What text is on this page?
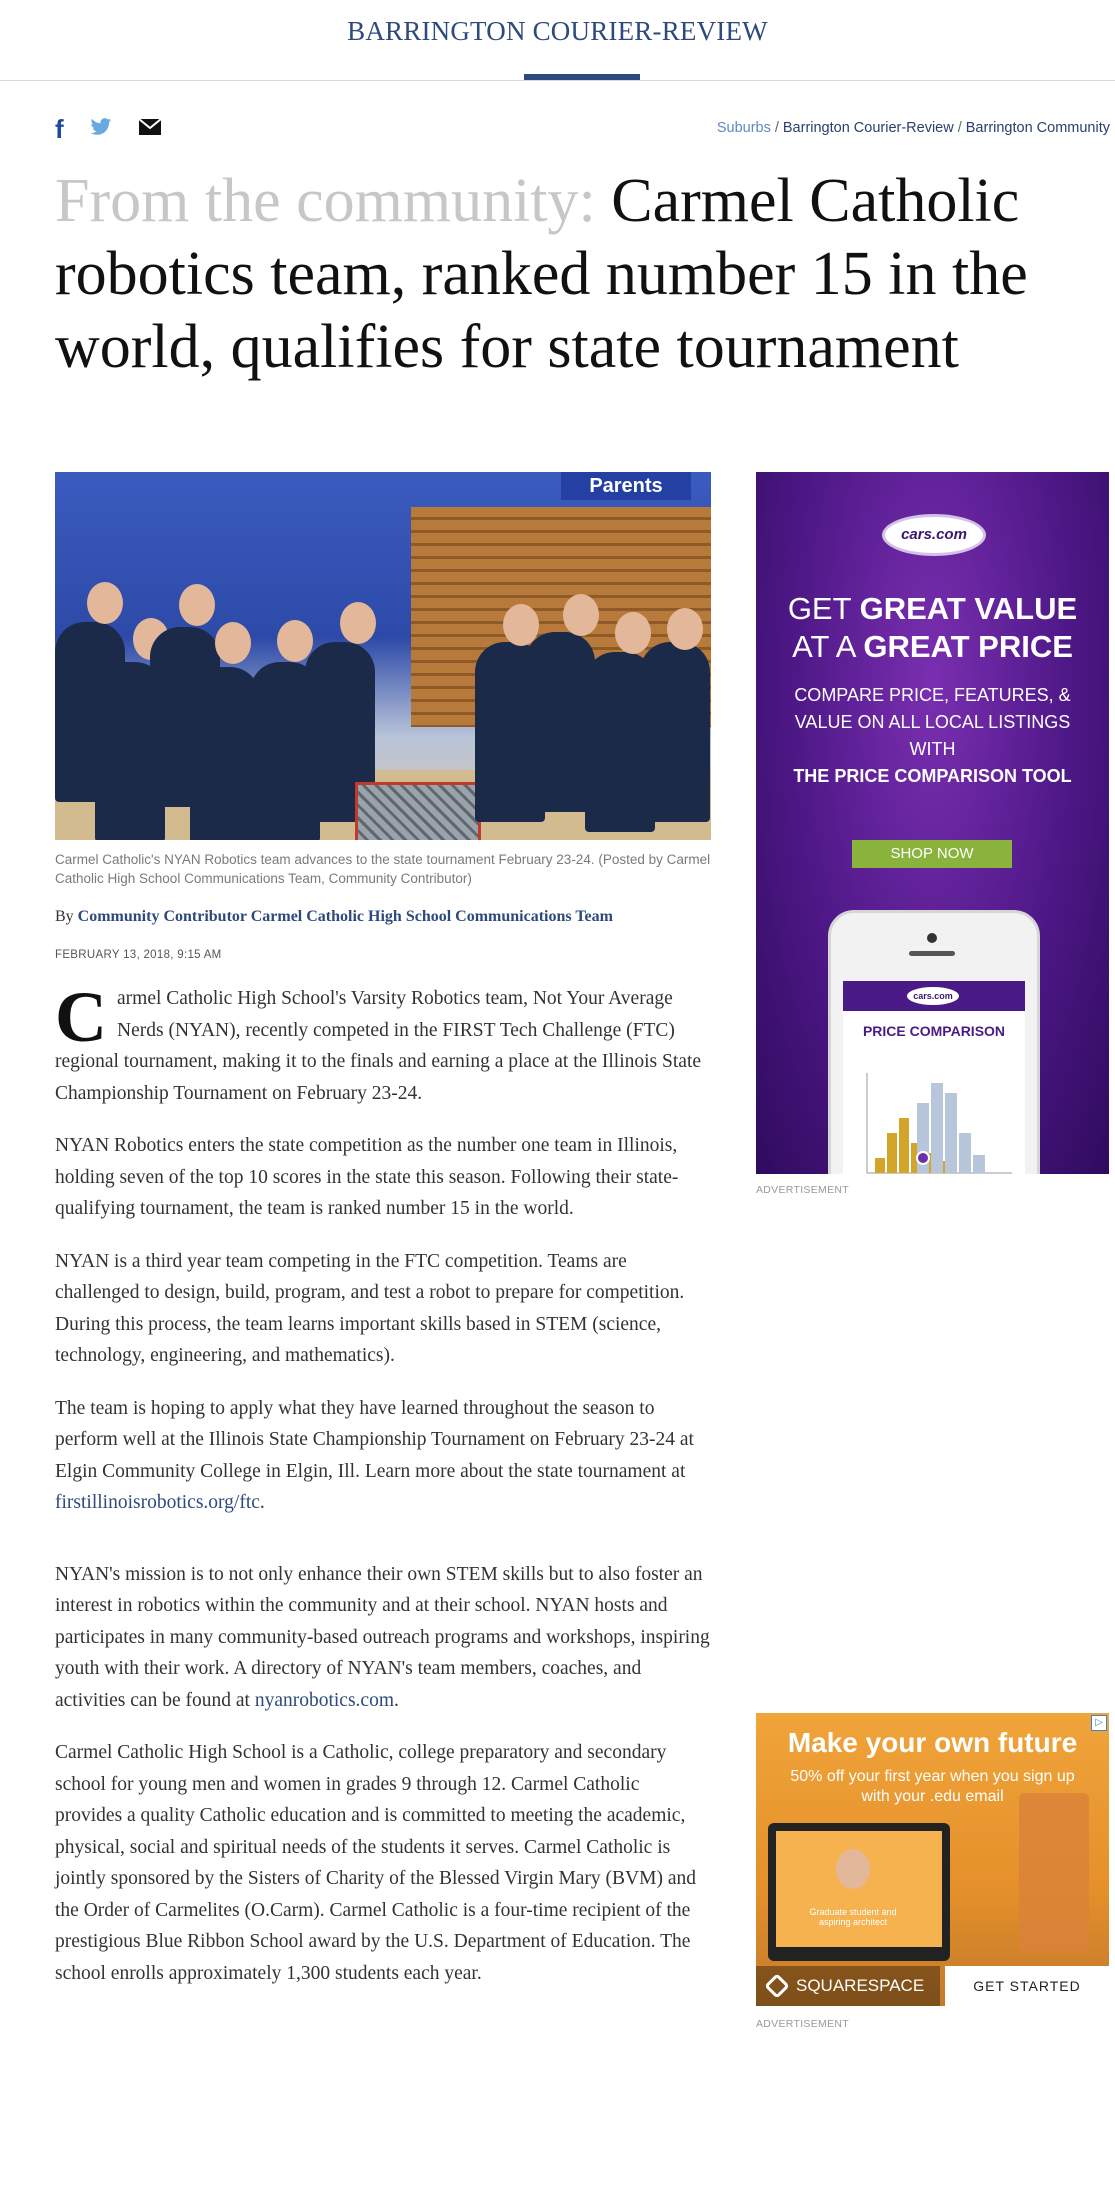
BARRINGTON COURIER-REVIEW
f	Suburbs / Barrington Courier-Review / Barrington Community
From the community: Carmel Catholic robotics team, ranked number 15 in the world, qualifies for state tournament
Parents
Carmel Catholic's NYAN Robotics team advances to the state tournament February 23-24. (Posted by Carmel Catholic High School Communications Team, Community Contributor)
By Community Contributor Carmel Catholic High School Communications Team
FEBRUARY 13, 2018, 9:15 AM

Carmel Catholic High School's Varsity Robotics team, Not Your Average Nerds (NYAN), recently competed in the FIRST Tech Challenge (FTC) regional tournament, making it to the finals and earning a place at the Illinois State Championship Tournament on February 23-24.

NYAN Robotics enters the state competition as the number one team in Illinois, holding seven of the top 10 scores in the state this season. Following their state-qualifying tournament, the team is ranked number 15 in the world.

NYAN is a third year team competing in the FTC competition. Teams are challenged to design, build, program, and test a robot to prepare for competition. During this process, the team learns important skills based in STEM (science, technology, engineering, and mathematics).

The team is hoping to apply what they have learned throughout the season to perform well at the Illinois State Championship Tournament on February 23-24 at Elgin Community College in Elgin, Ill. Learn more about the state tournament at firstillinoisrobotics.org/ftc.

NYAN's mission is to not only enhance their own STEM skills but to also foster an interest in robotics within the community and at their school. NYAN hosts and participates in many community-based outreach programs and workshops, inspiring youth with their work. A directory of NYAN's team members, coaches, and activities can be found at nyanrobotics.com.

Carmel Catholic High School is a Catholic, college preparatory and secondary school for young men and women in grades 9 through 12. Carmel Catholic provides a quality Catholic education and is committed to meeting the academic, physical, social and spiritual needs of the students it serves. Carmel Catholic is jointly sponsored by the Sisters of Charity of the Blessed Virgin Mary (BVM) and the Order of Carmelites (O.Carm). Carmel Catholic is a four-time recipient of the prestigious Blue Ribbon School award by the U.S. Department of Education. The school enrolls approximately 1,300 students each year.

cars.com
GET GREAT VALUE
AT A GREAT PRICE
COMPARE PRICE, FEATURES, & VALUE ON ALL LOCAL LISTINGS WITH
THE PRICE COMPARISON TOOL
SHOP NOW
cars.com
PRICE COMPARISON
ADVERTISEMENT
▷
Make your own future
50% off your first year when you sign up with your .edu email
Graduate student and aspiring architect
SQUARESPACE	GET STARTED
ADVERTISEMENT
